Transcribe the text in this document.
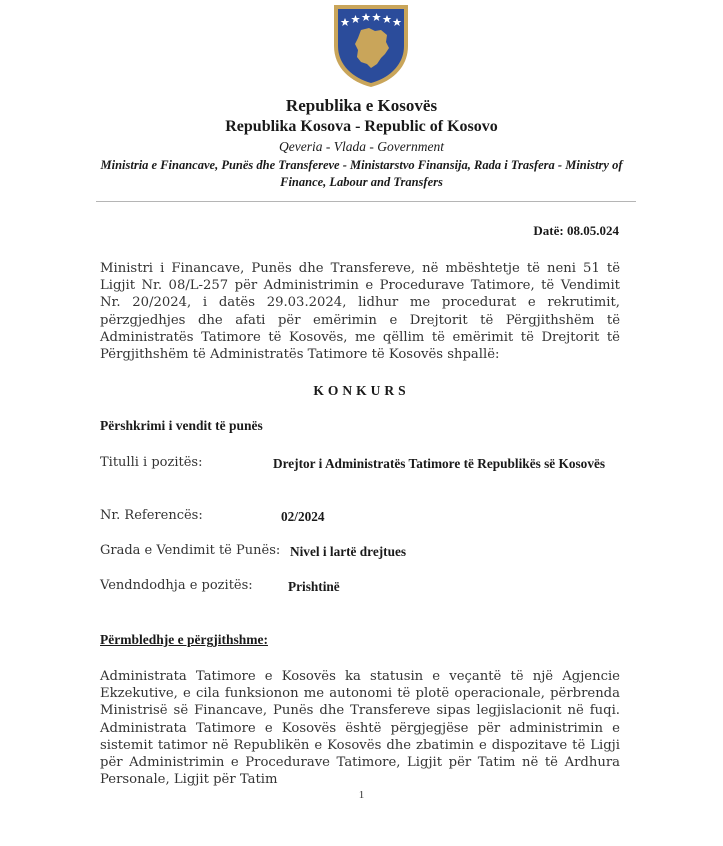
Republika e Kosovës
Republika Kosova - Republic of Kosovo
Qeveria - Vlada - Government
Ministria e Financave, Punës dhe Transfereve - Ministarstvo Finansija, Rada i Trasfera - Ministry of Finance, Labour and Transfers
Datë: 08.05.024
Ministri i Financave, Punës dhe Transfereve, në mbështetje të neni 51 të Ligjit Nr. 08/L-257 për Administrimin e Procedurave Tatimore, të Vendimit Nr. 20/2024, i datës 29.03.2024, lidhur me procedurat e rekrutimit, përzgjedhjes dhe afati për emërimin e Drejtorit të Përgjithshëm të Administratës Tatimore të Kosovës, me qëllim të emërimit të Drejtorit të Përgjithshëm të Administratës Tatimore të Kosovës shpallë:
KONKURS
Përshkrimi i vendit të punës
Titulli i pozitës:	Drejtor i Administratës Tatimore të Republikës së Kosovës
Nr. Referencës:	02/2024
Grada e Vendimit të Punës: Nivel i lartë drejtues
Vendndodhja e pozitës:	Prishtinë
Përmbledhje e përgjithshme:
Administrata Tatimore e Kosovës ka statusin e veçantë të një Agjencie Ekzekutive, e cila funksionon me autonomi të plotë operacionale, përbrenda Ministrisë së Financave, Punës dhe Transfereve sipas legjislacionit në fuqi. Administrata Tatimore e Kosovës është përgjegjëse për administrimin e sistemit tatimor në Republikën e Kosovës dhe zbatimin e dispozitave të Ligji për Administrimin e Procedurave Tatimore, Ligjit për Tatim në të Ardhura Personale, Ligjit për Tatim
1
